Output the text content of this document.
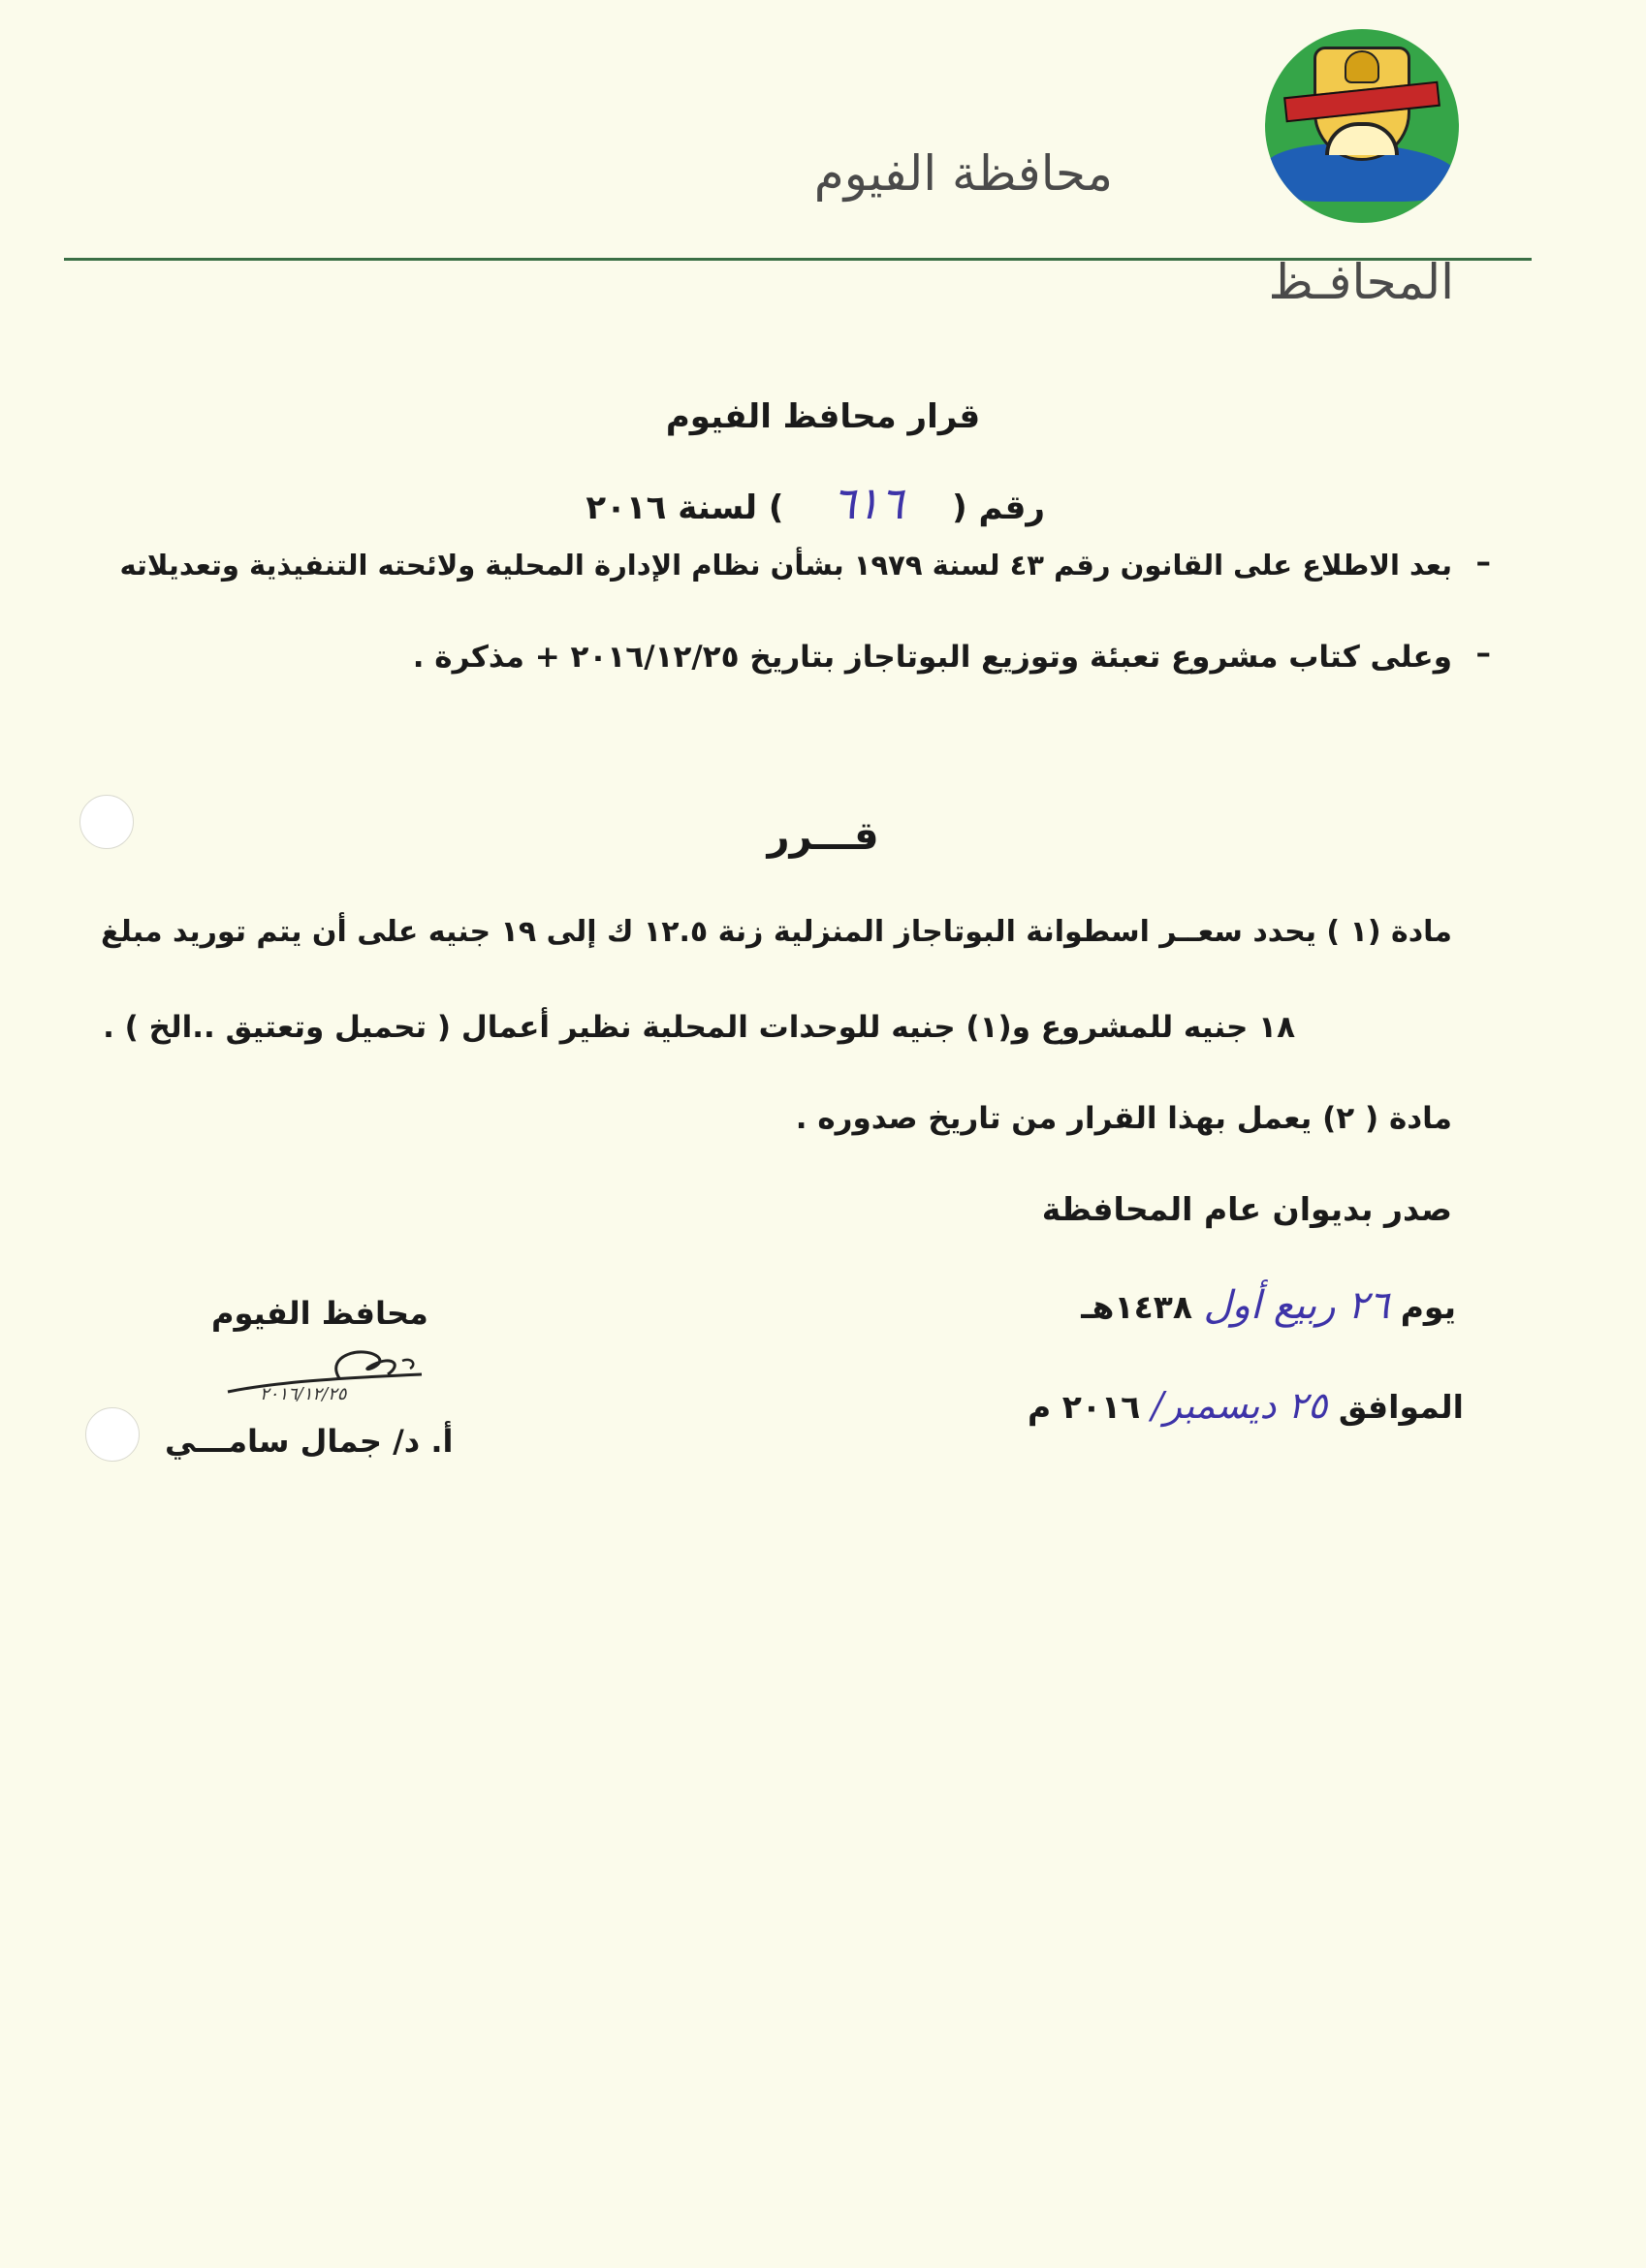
محافظة الفيوم
المحافـظ
قرار محافظ الفيوم
رقم ( ٦١٦ ) لسنة ٢٠١٦
–
بعد الاطلاع على القانون رقم ٤٣ لسنة ١٩٧٩ بشأن نظام الإدارة المحلية ولائحته التنفيذية وتعديلاته
–
وعلى كتاب مشروع تعبئة وتوزيع البوتاجاز بتاريخ ٢٠١٦/١٢/٢٥ + مذكرة .
قـــرر
مادة (١ ) يحدد سعــر اسطوانة البوتاجاز المنزلية زنة ١٢.٥ ك إلى ١٩ جنيه على أن يتم توريد مبلغ
١٨ جنيه للمشروع و(١) جنيه للوحدات المحلية نظير أعمال ( تحميل وتعتيق ..الخ ) .
مادة ( ٢) يعمل بهذا القرار من تاريخ صدوره .
صدر بديوان عام المحافظة
يوم ٢٦ ربيع أول ١٤٣٨هـ
الموافق ٢٥ ديسمبر/ ٢٠١٦ م
محافظ الفيوم
٢٠١٦/١٢/٢٥
أ. د/ جمال سامـــي
